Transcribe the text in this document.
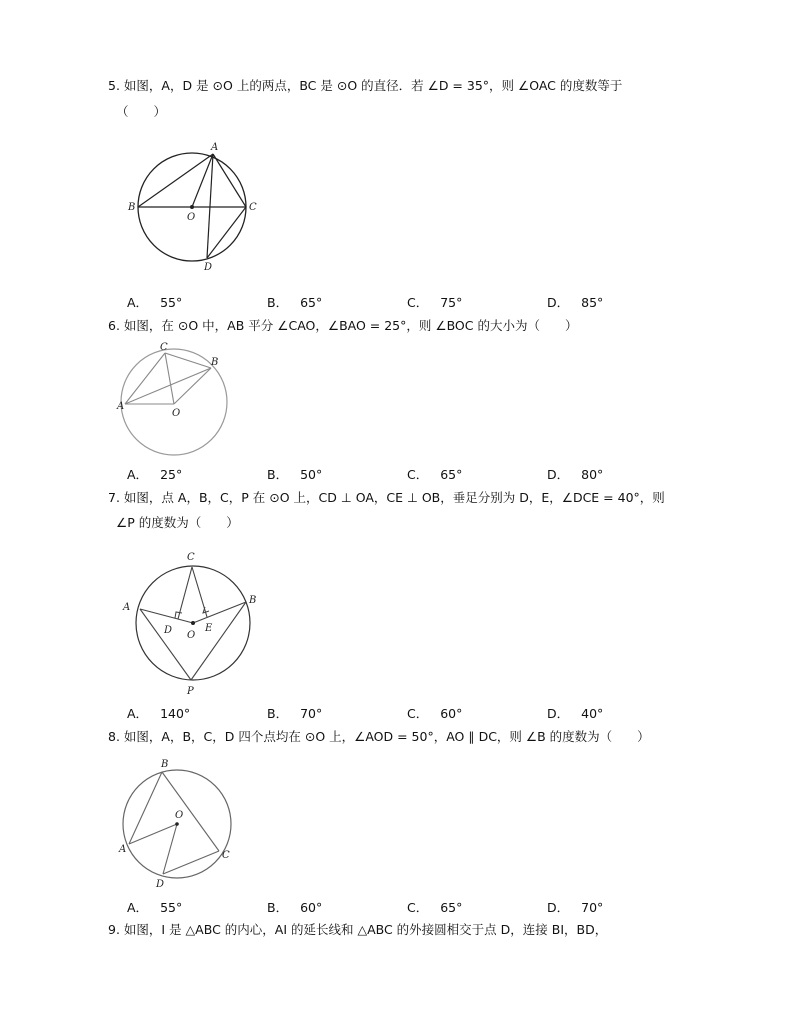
5. 如图，A，D 是 ⊙O 上的两点，BC 是 ⊙O 的直径．若 ∠D = 35°，则 ∠OAC 的度数等于
（　　）
A
B	C
O
D
A． 55°	B． 65°	C． 75°	D． 85°
6. 如图，在 ⊙O 中，AB 平分 ∠CAO，∠BAO = 25°，则 ∠BOC 的大小为（　　）
C
B
A
O
A． 25°	B． 50°	C． 65°	D． 80°
7. 如图，点 A，B，C，P 在 ⊙O 上，CD ⊥ OA，CE ⊥ OB，垂足分别为 D，E，∠DCE = 40°，则
∠P 的度数为（　　）
C
A
B
D	E
O
P
A． 140°	B． 70°	C． 60°	D． 40°
8. 如图，A，B，C，D 四个点均在 ⊙O 上，∠AOD = 50°，AO ∥ DC，则 ∠B 的度数为（　　）
B
O
A
C
D
A． 55°	B． 60°	C． 65°	D． 70°
9. 如图，I 是 △ABC 的内心，AI 的延长线和 △ABC 的外接圆相交于点 D，连接 BI，BD，
